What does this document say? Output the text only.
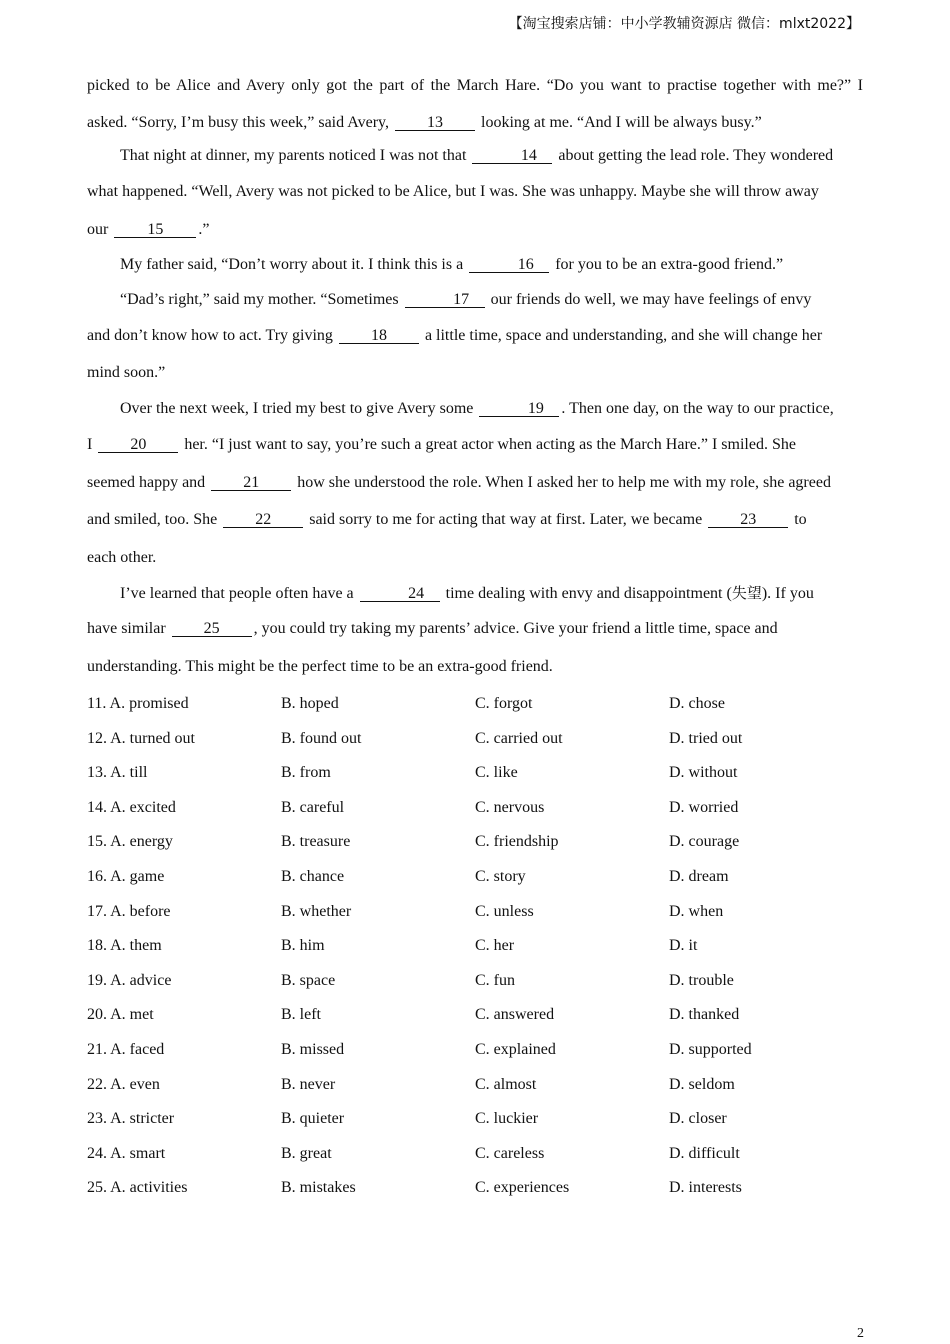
【淘宝搜索店铺：中小学教辅资源店 微信：mlxt2022】
picked to be Alice and Avery only got the part of the March Hare. “Do you want to practise together with me?” I
asked. “Sorry, I’m busy this week,” said Avery, 13 looking at me. “And I will be always busy.”
That night at dinner, my parents noticed I was not that	14 about getting the lead role. They wondered
what happened. “Well, Avery was not picked to be Alice, but I was. She was unhappy. Maybe she will throw away
our 15 .”
My father said, “Don’t worry about it. I think this is a	16 for you to be an extra-good friend.”
“Dad’s right,” said my mother. “Sometimes	17 our friends do well, we may have feelings of envy
and don’t know how to act. Try giving 18 a little time, space and understanding, and she will change her
mind soon.”
Over the next week, I tried my best to give Avery some	19 . Then one day, on the way to our practice,
I 20 her. “I just want to say, you’re such a great actor when acting as the March Hare.” I smiled. She
seemed happy and 21 how she understood the role. When I asked her to help me with my role, she agreed
and smiled, too. She 22 said sorry to me for acting that way at first. Later, we became 23 to
each other.
I’ve learned that people often have a	24 time dealing with envy and disappointment (失望). If you
have similar 25 , you could try taking my parents’ advice. Give your friend a little time, space and
understanding. This might be the perfect time to be an extra-good friend.
11. A. promised	B. hoped	C. forgot	D. chose
12. A. turned out	B. found out	C. carried out	D. tried out
13. A. till	B. from	C. like	D. without
14. A. excited	B. careful	C. nervous	D. worried
15. A. energy	B. treasure	C. friendship	D. courage
16. A. game	B. chance	C. story	D. dream
17. A. before	B. whether	C. unless	D. when
18. A. them	B. him	C. her	D. it
19. A. advice	B. space	C. fun	D. trouble
20. A. met	B. left	C. answered	D. thanked
21. A. faced	B. missed	C. explained	D. supported
22. A. even	B. never	C. almost	D. seldom
23. A. stricter	B. quieter	C. luckier	D. closer
24. A. smart	B. great	C. careless	D. difficult
25. A. activities	B. mistakes	C. experiences	D. interests
2
